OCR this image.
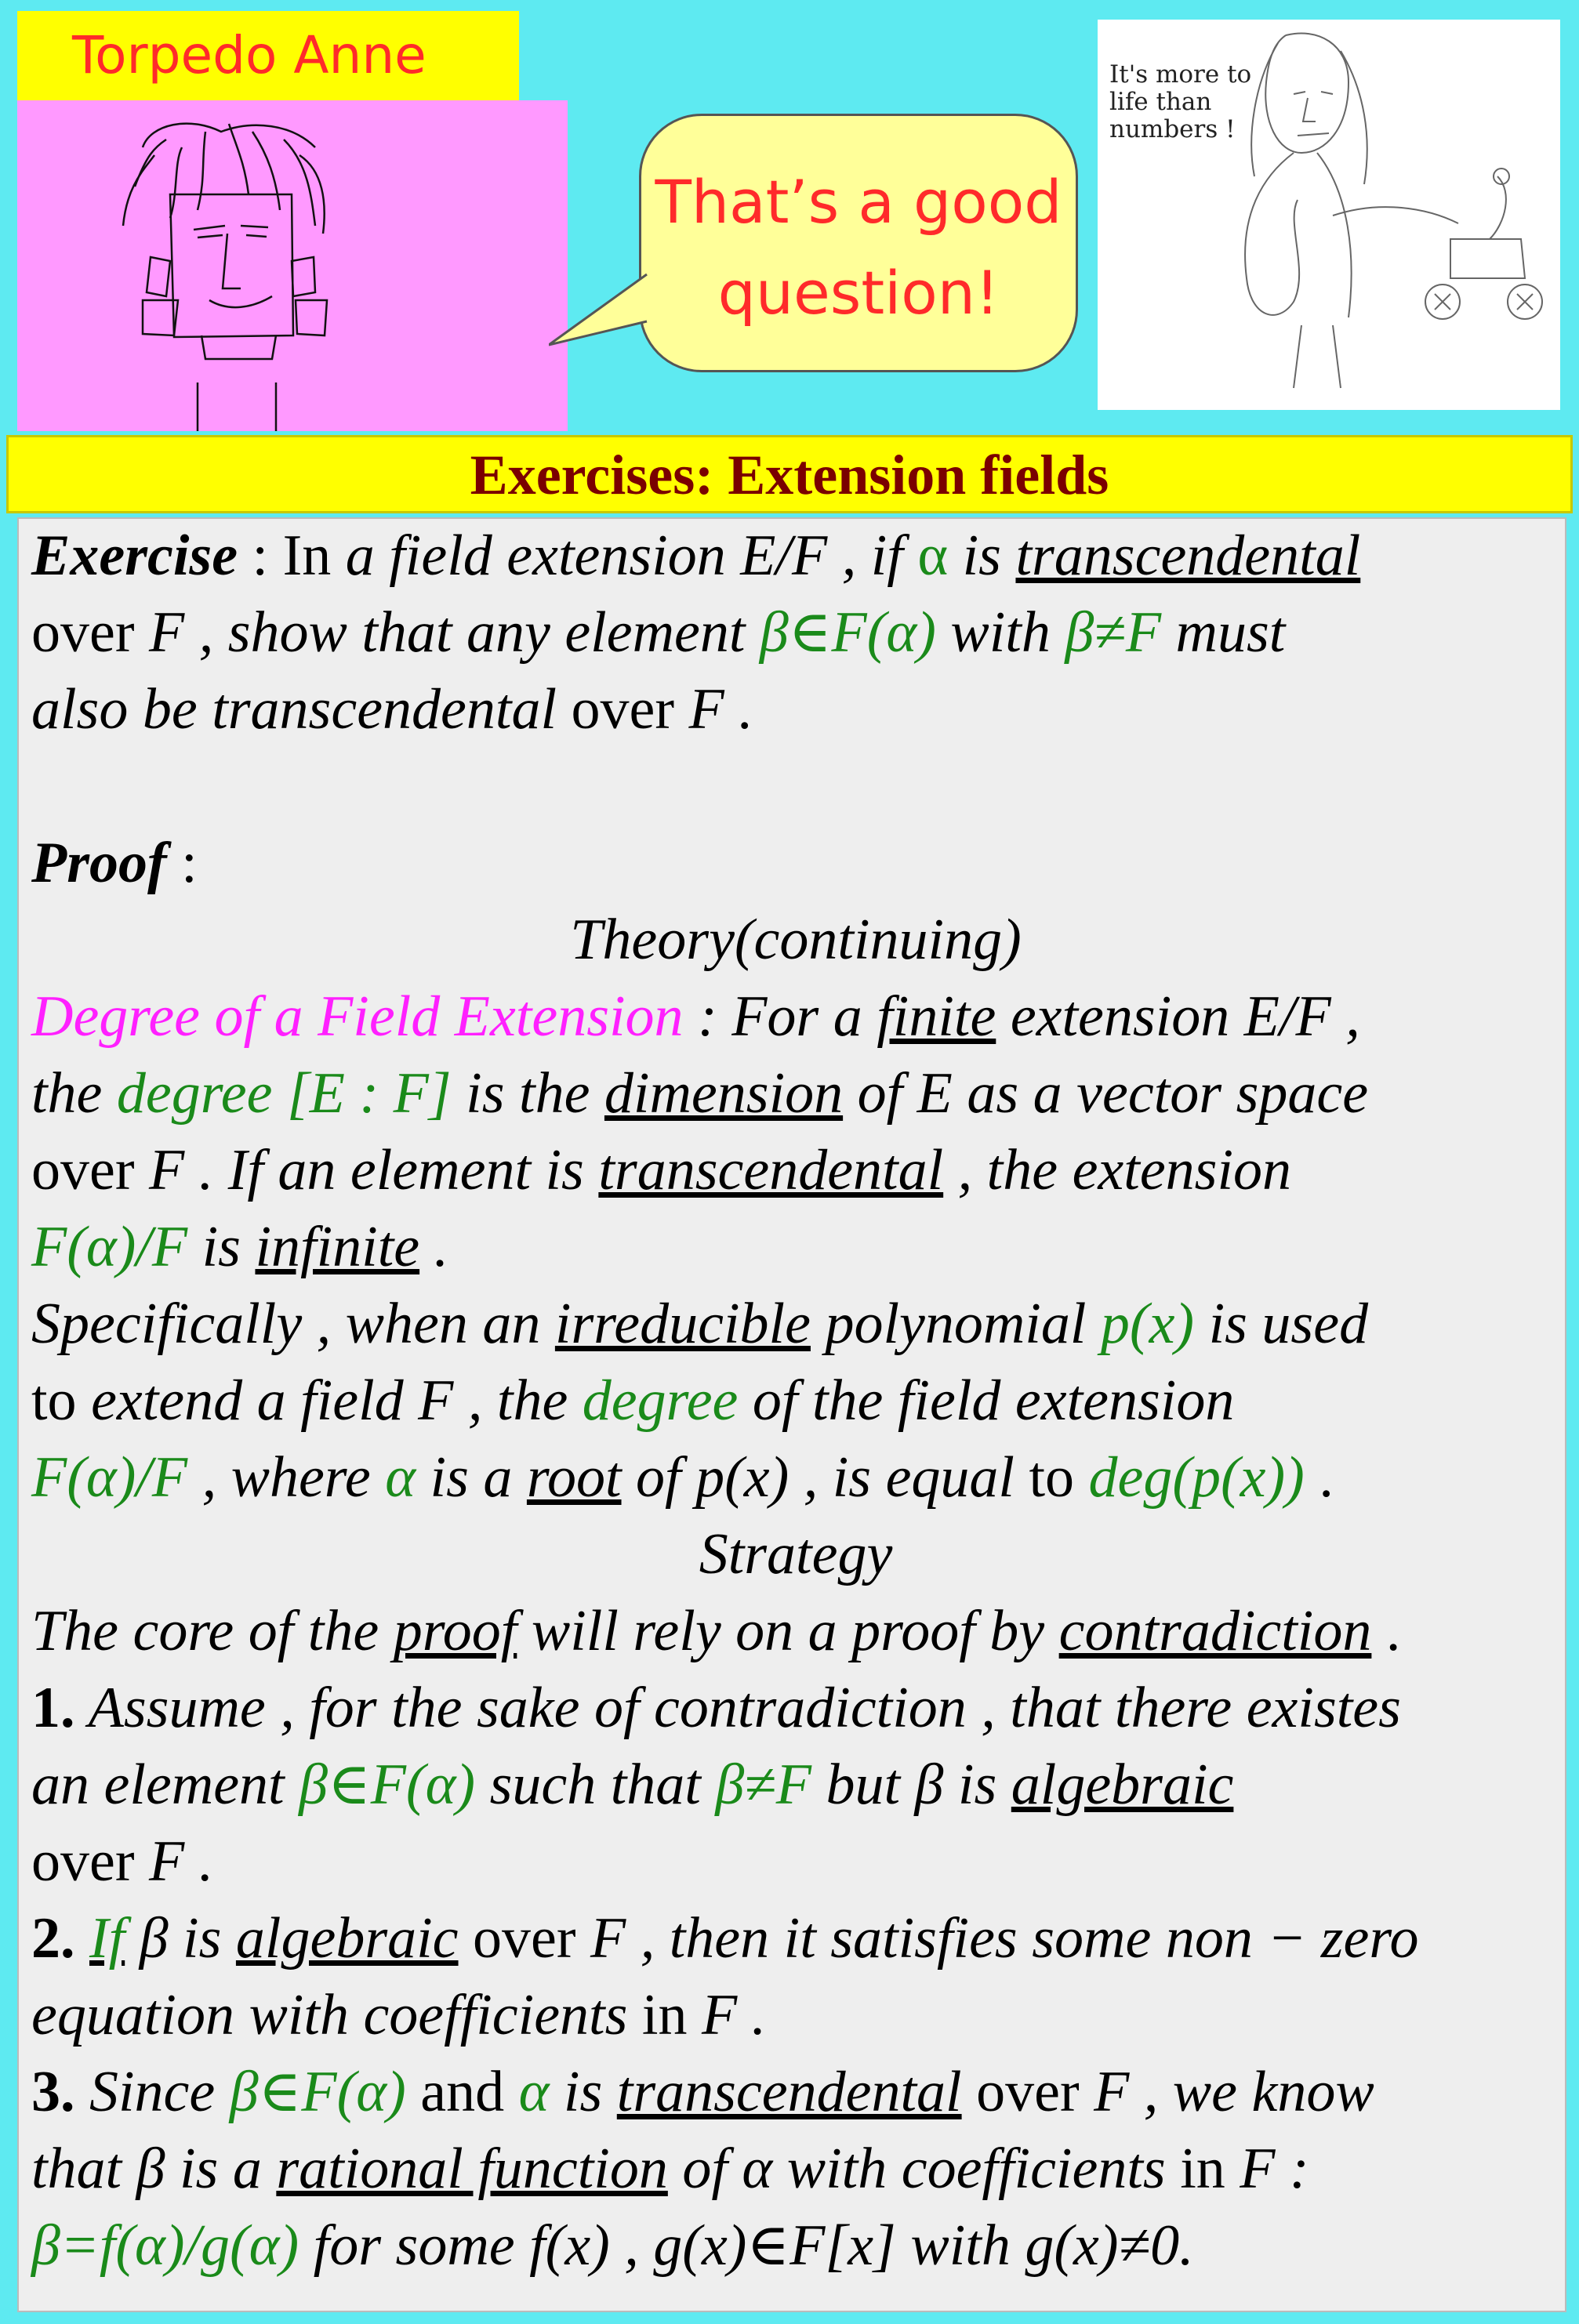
Torpedo Anne
That’s a good question!
It's more to
life than
numbers !
Exercises: Extension fields
Exercise : In a field extension E/F , if α is transcendental
over F , show that any element β∈F(α) with β≠F must
also be transcendental over F .
Proof :
Theory(continuing)
Degree of a Field Extension : For a finite extension E/F ,
the degree [E : F] is the dimension of E as a vector space
over F . If an element is transcendental , the extension
F(α)/F is infinite .
Specifically , when an irreducible polynomial p(x) is used
to extend a field F , the degree of the field extension
F(α)/F , where α is a root of p(x) , is equal to deg(p(x)) .
Strategy
The core of the proof will rely on a proof by contradiction .
1. Assume , for the sake of contradiction , that there existes
an element β∈F(α) such that β≠F but β is algebraic
over F .
2. If β is algebraic over F , then it satisfies some non − zero
equation with coefficients in F .
3. Since β∈F(α) and α is transcendental over F , we know
that β is a rational function of α with coefficients in F :
β=f(α)/g(α) for some f(x) , g(x)∈F[x] with g(x)≠0.
